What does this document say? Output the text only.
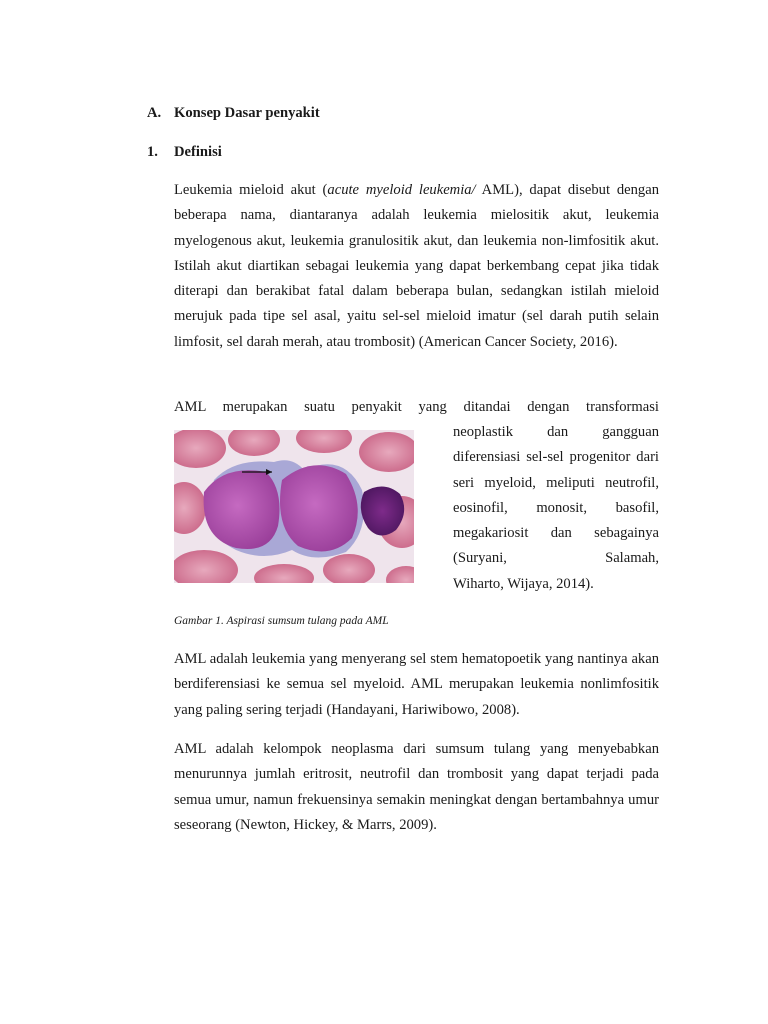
A. Konsep Dasar penyakit
1.	Definisi

Leukemia mieloid akut (acute myeloid leukemia/ AML), dapat disebut dengan beberapa nama, diantaranya adalah leukemia mielositik akut, leukemia myelogenous akut, leukemia granulositik akut, dan leukemia non-limfositik akut. Istilah akut diartikan sebagai leukemia yang dapat berkembang cepat jika tidak diterapi dan berakibat fatal dalam beberapa bulan, sedangkan istilah mieloid merujuk pada tipe sel asal, yaitu sel-sel mieloid imatur (sel darah putih selain limfosit, sel darah merah, atau trombosit) (American Cancer Society, 2016).

AML merupakan suatu penyakit yang ditandai dengan transformasi

neoplastik dan gangguan diferensiasi sel-sel progenitor dari seri myeloid, meliputi neutrofil, eosinofil, monosit, basofil, megakariosit dan sebagainya (Suryani, Salamah,
Wiharto, Wijaya, 2014).

Gambar 1. Aspirasi sumsum tulang pada AML

AML adalah leukemia yang menyerang sel stem hematopoetik yang nantinya akan berdiferensiasi ke semua sel myeloid. AML merupakan leukemia nonlimfositik yang paling sering terjadi (Handayani, Hariwibowo, 2008).

AML adalah kelompok neoplasma dari sumsum tulang yang menyebabkan menurunnya jumlah eritrosit, neutrofil dan trombosit yang dapat terjadi pada semua umur, namun frekuensinya semakin meningkat dengan bertambahnya umur seseorang (Newton, Hickey, & Marrs, 2009).
